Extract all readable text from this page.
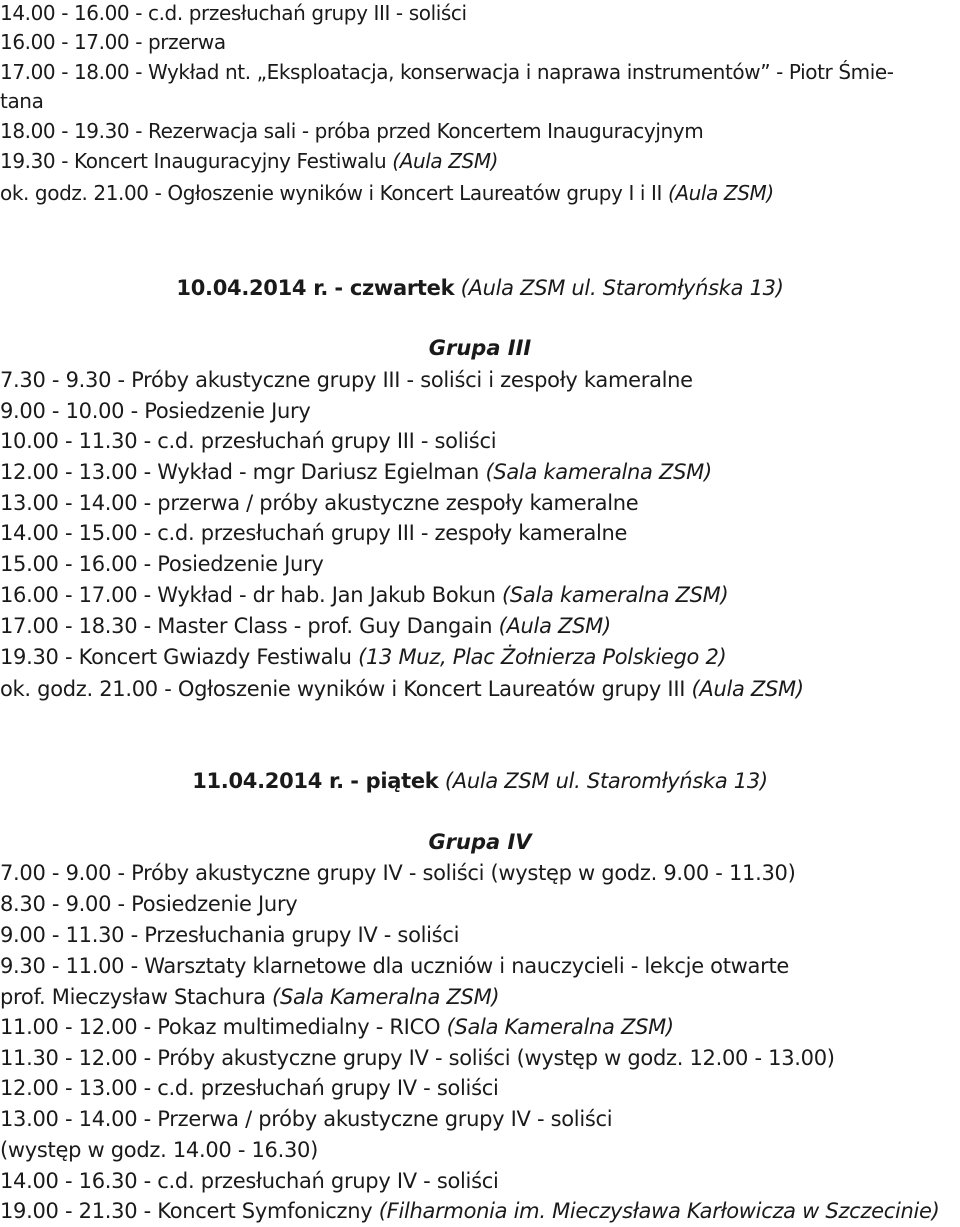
14.00 - 16.00 - c.d. przesłuchań grupy III - soliści
16.00 - 17.00 - przerwa
17.00 - 18.00 - Wykład nt. „Eksploatacja, konserwacja i naprawa instrumentów” - Piotr Śmie-
tana
18.00 - 19.30 - Rezerwacja sali - próba przed Koncertem Inauguracyjnym
19.30 - Koncert Inauguracyjny Festiwalu (Aula ZSM)
ok. godz. 21.00 - Ogłoszenie wyników i Koncert Laureatów grupy I i II (Aula ZSM)
10.04.2014 r. - czwartek (Aula ZSM ul. Staromłyńska 13)
Grupa III
7.30 - 9.30 - Próby akustyczne grupy III - soliści i zespoły kameralne
9.00 - 10.00 - Posiedzenie Jury
10.00 - 11.30 - c.d. przesłuchań grupy III - soliści
12.00 - 13.00 - Wykład - mgr Dariusz Egielman (Sala kameralna ZSM)
13.00 - 14.00 - przerwa / próby akustyczne zespoły kameralne
14.00 - 15.00 - c.d. przesłuchań grupy III - zespoły kameralne
15.00 - 16.00 - Posiedzenie Jury
16.00 - 17.00 - Wykład - dr hab. Jan Jakub Bokun (Sala kameralna ZSM)
17.00 - 18.30 - Master Class - prof. Guy Dangain (Aula ZSM)
19.30 - Koncert Gwiazdy Festiwalu (13 Muz, Plac Żołnierza Polskiego 2)
ok. godz. 21.00 - Ogłoszenie wyników i Koncert Laureatów grupy III (Aula ZSM)
11.04.2014 r. - piątek (Aula ZSM ul. Staromłyńska 13)
Grupa IV
7.00 - 9.00 - Próby akustyczne grupy IV - soliści (występ w godz. 9.00 - 11.30)
8.30 - 9.00 - Posiedzenie Jury
9.00 - 11.30 - Przesłuchania grupy IV - soliści
9.30 - 11.00 - Warsztaty klarnetowe dla uczniów i nauczycieli - lekcje otwarte
prof. Mieczysław Stachura (Sala Kameralna ZSM)
11.00 - 12.00 - Pokaz multimedialny - RICO (Sala Kameralna ZSM)
11.30 - 12.00 - Próby akustyczne grupy IV - soliści (występ w godz. 12.00 - 13.00)
12.00 - 13.00 - c.d. przesłuchań grupy IV - soliści
13.00 - 14.00 - Przerwa / próby akustyczne grupy IV - soliści
(występ w godz. 14.00 - 16.30)
14.00 - 16.30 - c.d. przesłuchań grupy IV - soliści
19.00 - 21.30 - Koncert Symfoniczny (Filharmonia im. Mieczysława Karłowicza w Szczecinie)
